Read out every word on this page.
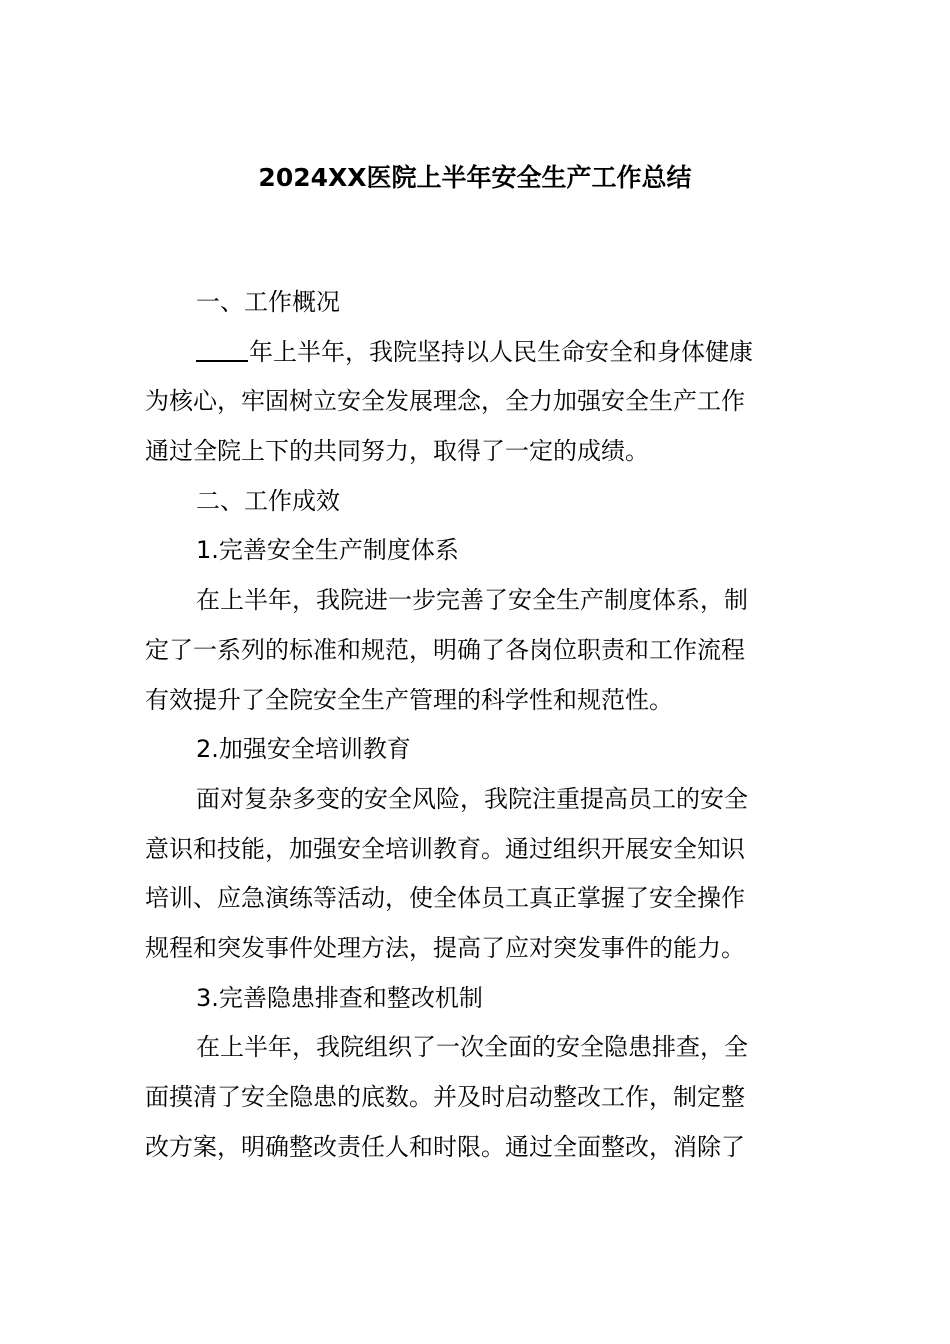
2024XX医院上半年安全生产工作总结
一、工作概况
年上半年，我院坚持以人民生命安全和身体健康
为核心，牢固树立安全发展理念，全力加强安全生产工作
通过全院上下的共同努力，取得了一定的成绩。
二、工作成效
1.完善安全生产制度体系
在上半年，我院进一步完善了安全生产制度体系，制
定了一系列的标准和规范，明确了各岗位职责和工作流程
有效提升了全院安全生产管理的科学性和规范性。
2.加强安全培训教育
面对复杂多变的安全风险，我院注重提高员工的安全
意识和技能，加强安全培训教育。通过组织开展安全知识
培训、应急演练等活动，使全体员工真正掌握了安全操作
规程和突发事件处理方法，提高了应对突发事件的能力。
3.完善隐患排查和整改机制
在上半年，我院组织了一次全面的安全隐患排查，全
面摸清了安全隐患的底数。并及时启动整改工作，制定整
改方案，明确整改责任人和时限。通过全面整改，消除了
